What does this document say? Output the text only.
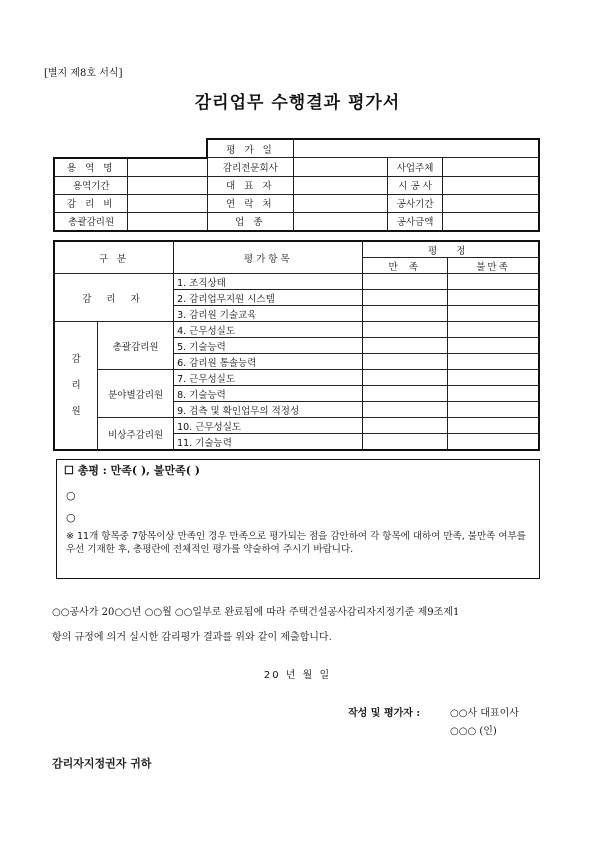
[별지 제8호 서식]
감리업무 수행결과 평가서
		평 가 일			
용 역 명		감리전문회사		사업주체	
용역기간		대 표 자		시 공 사	
감 리 비		연 락 처		공사기간	
총괄감리원		업 종		공사금액	
구 분		평가항목	평 정	
			만 족	불만족
감 리 자		1. 조직상태		
		2. 감리업무지원 시스템		
		3. 감리원 기술교육		
감
리
원	총괄감리원	4. 근무성실도		
		5. 기술능력		
		6. 감리원 통솔능력		
	분야별감리원	7. 근무성실도		
		8. 기술능력		
		9. 검측 및 확인업무의 적정성		
	비상주감리원	10. 근무성실도		
		11. 기술능력		
☐ 총평 : 만족( ), 불만족( )
○
○
※ 11개 항목중 7항목이상 만족인 경우 만족으로 평가되는 점을 감안하여 각 항목에 대하여 만족, 불만족 여부를 우선 기재한 후, 총평란에 전체적인 평가를 약술하여 주시기 바랍니다.
○○공사가 20○○년 ○○월 ○○일부로 완료됨에 따라 주택건설공사감리자지정기준 제9조제1
항의 규정에 의거 실시한 감리평가 결과를 위와 같이 제출합니다.
20 년 월 일
작성 및 평가자 :	○○사 대표이사
○○○ (인)
감리자지정권자 귀하
